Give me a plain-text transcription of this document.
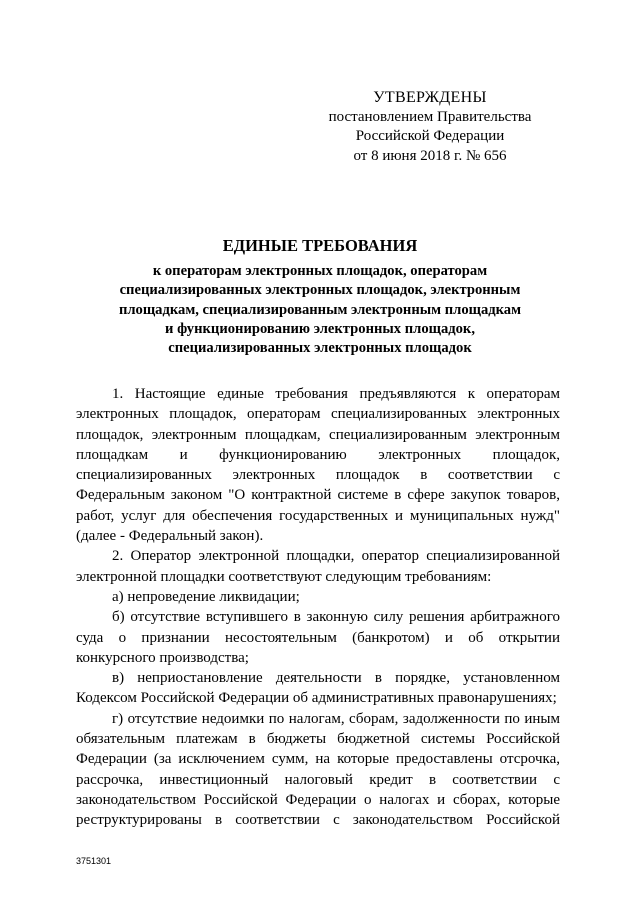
УТВЕРЖДЕНЫ
постановлением Правительства
Российской Федерации
от 8 июня 2018 г. № 656
ЕДИНЫЕ ТРЕБОВАНИЯ
к операторам электронных площадок, операторам
специализированных электронных площадок, электронным
площадкам, специализированным электронным площадкам
и функционированию электронных площадок,
специализированных электронных площадок
1. Настоящие единые требования предъявляются к операторам
электронных площадок, операторам специализированных электронных
площадок, электронным площадкам, специализированным электронным
площадкам и функционированию электронных площадок,
специализированных электронных площадок в соответствии с
Федеральным законом "О контрактной системе в сфере закупок товаров,
работ, услуг для обеспечения государственных и муниципальных нужд"
(далее - Федеральный закон).
2. Оператор электронной площадки, оператор специализированной
электронной площадки соответствуют следующим требованиям:
а) непроведение ликвидации;
б) отсутствие вступившего в законную силу решения арбитражного
суда о признании несостоятельным (банкротом) и об открытии
конкурсного производства;
в) неприостановление деятельности в порядке, установленном
Кодексом Российской Федерации об административных правонарушениях;
г) отсутствие недоимки по налогам, сборам, задолженности по иным
обязательным платежам в бюджеты бюджетной системы Российской
Федерации (за исключением сумм, на которые предоставлены отсрочка,
рассрочка, инвестиционный налоговый кредит в соответствии с
законодательством Российской Федерации о налогах и сборах, которые
реструктурированы в соответствии с законодательством Российской
3751301
